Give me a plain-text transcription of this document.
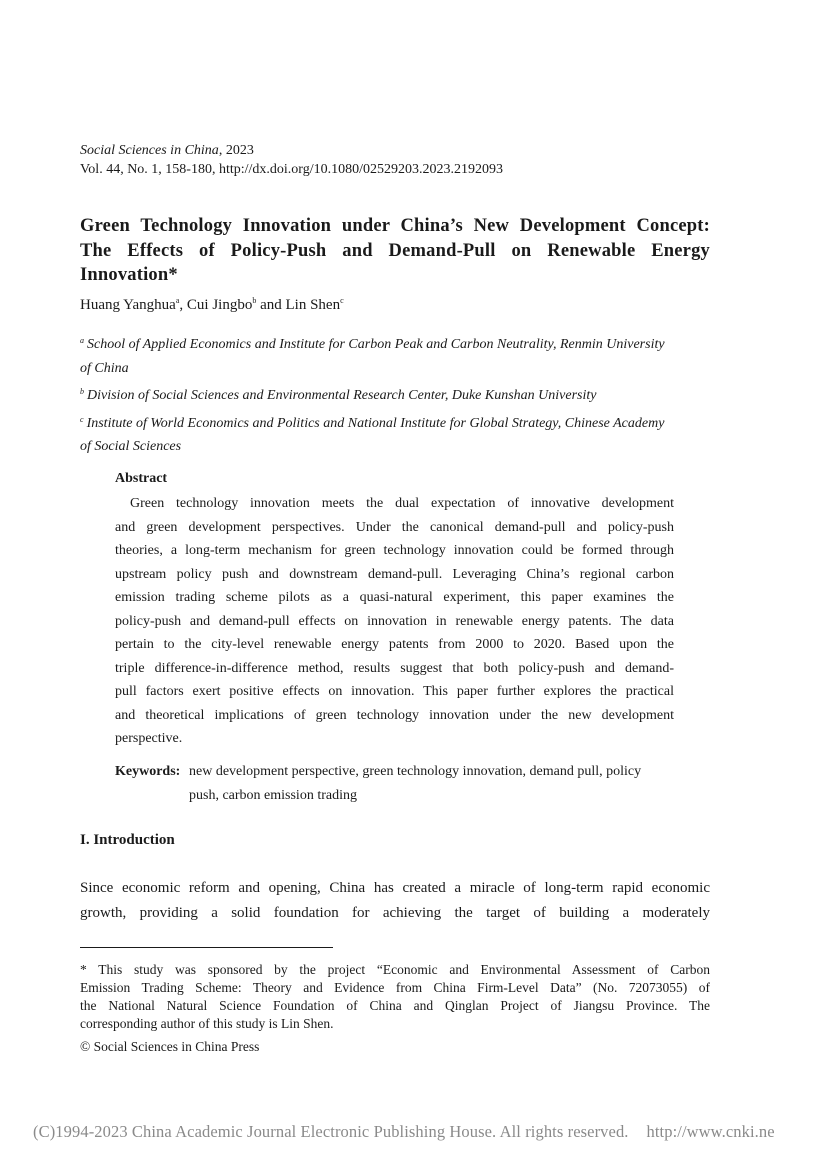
Social Sciences in China, 2023
Vol. 44, No. 1, 158-180, http://dx.doi.org/10.1080/02529203.2023.2192093
Green Technology Innovation under China’s New Development Concept:
The Effects of Policy-Push and Demand-Pull on Renewable Energy
Innovation*
Huang Yanghua$^a$, Cui Jingbo$^b$ and Lin Shen$^c$

$^a$ School of Applied Economics and Institute for Carbon Peak and Carbon Neutrality, Renmin University
of China

$^b$ Division of Social Sciences and Environmental Research Center, Duke Kunshan University

$^c$ Institute of World Economics and Politics and National Institute for Global Strategy, Chinese Academy
of Social Sciences

Abstract
Green technology innovation meets the dual expectation of innovative development
and green development perspectives. Under the canonical demand-pull and policy-push
theories, a long-term mechanism for green technology innovation could be formed through
upstream policy push and downstream demand-pull. Leveraging China’s regional carbon
emission trading scheme pilots as a quasi-natural experiment, this paper examines the
policy-push and demand-pull effects on innovation in renewable energy patents. The data
pertain to the city-level renewable energy patents from 2000 to 2020. Based upon the
triple difference-in-difference method, results suggest that both policy-push and demand-
pull factors exert positive effects on innovation. This paper further explores the practical
and theoretical implications of green technology innovation under the new development
perspective.
Keywords: new development perspective, green technology innovation, demand pull, policy
push, carbon emission trading
I. Introduction
Since economic reform and opening, China has created a miracle of long-term rapid economic
growth, providing a solid foundation for achieving the target of building a moderately
* This study was sponsored by the project “Economic and Environmental Assessment of Carbon
Emission Trading Scheme: Theory and Evidence from China Firm-Level Data” (No. 72073055) of
the National Natural Science Foundation of China and Qinglan Project of Jiangsu Province. The
corresponding author of this study is Lin Shen.
© Social Sciences in China Press
(C)1994-2023 China Academic Journal Electronic Publishing House. All rights reserved. http://www.cnki.ne
